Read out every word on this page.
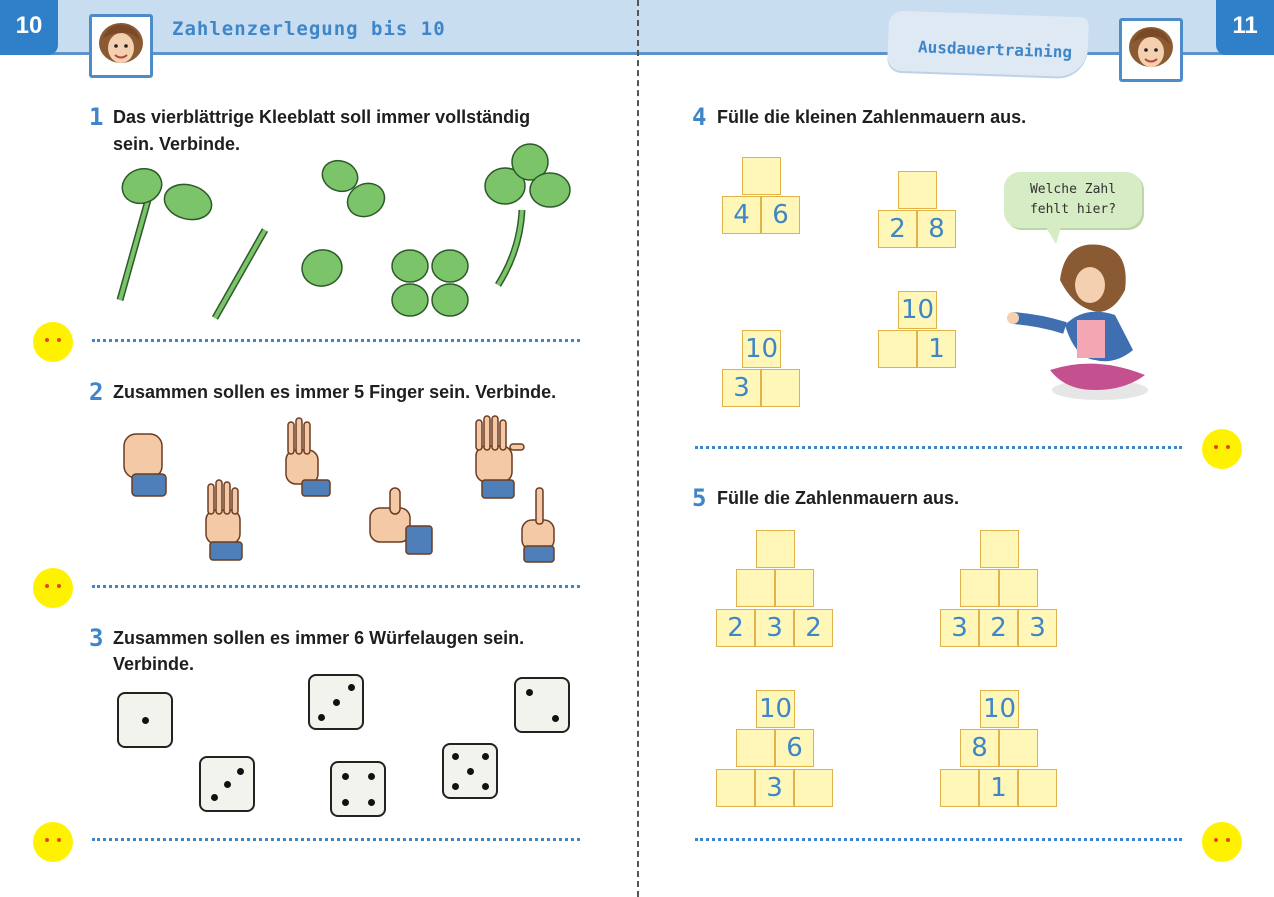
10	11
Zahlenzerlegung bis 10
Ausdauertraining
1 Das vierblättrige Kleeblatt soll immer vollständig
sein. Verbinde.
2 Zusammen sollen es immer 5 Finger sein. Verbinde.
3 Zusammen sollen es immer 6 Würfelaugen sein.
Verbinde.
4 Fülle die kleinen Zahlenmauern aus.
4 6	2 8
10
3
10
1
Welche Zahl
fehlt hier?
5 Fülle die Zahlenmauern aus.
2 3 2	3 2 3
10
6
3
10
8
1
